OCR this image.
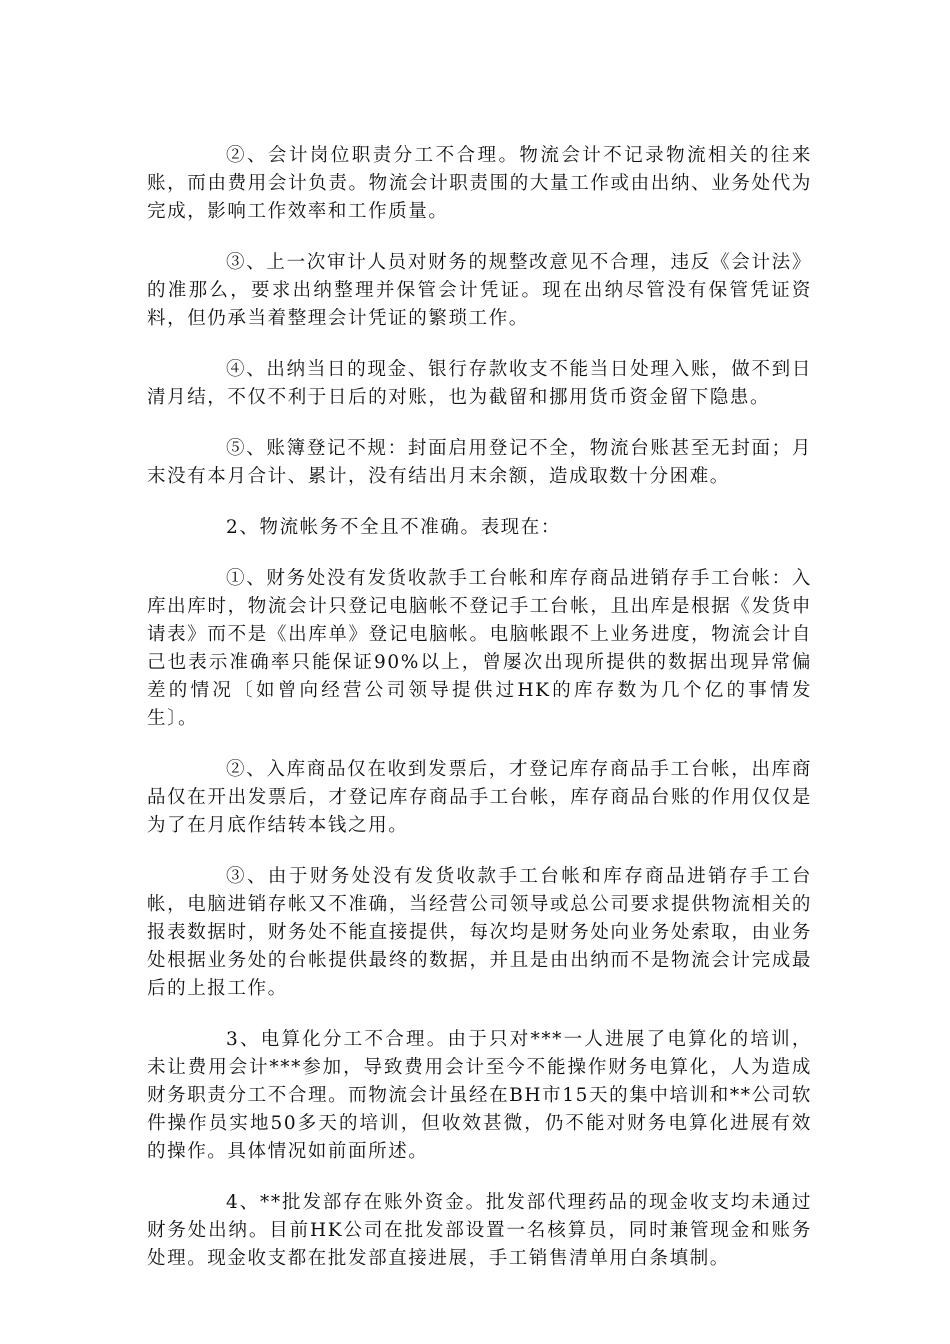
②、会计岗位职责分工不合理。物流会计不记录物流相关的往来账，而由费用会计负责。物流会计职责围的大量工作或由出纳、业务处代为完成，影响工作效率和工作质量。

③、上一次审计人员对财务的规整改意见不合理，违反《会计法》的准那么，要求出纳整理并保管会计凭证。现在出纳尽管没有保管凭证资料，但仍承当着整理会计凭证的繁琐工作。

④、出纳当日的现金、银行存款收支不能当日处理入账，做不到日清月结，不仅不利于日后的对账，也为截留和挪用货币资金留下隐患。

⑤、账簿登记不规：封面启用登记不全，物流台账甚至无封面；月末没有本月合计、累计，没有结出月末余额，造成取数十分困难。

2、物流帐务不全且不准确。表现在：

①、财务处没有发货收款手工台帐和库存商品进销存手工台帐：入库出库时，物流会计只登记电脑帐不登记手工台帐，且出库是根据《发货申请表》而不是《出库单》登记电脑帐。电脑帐跟不上业务进度，物流会计自己也表示准确率只能保证90%以上，曾屡次出现所提供的数据出现异常偏差的情况〔如曾向经营公司领导提供过HK的库存数为几个亿的事情发生〕。

②、入库商品仅在收到发票后，才登记库存商品手工台帐，出库商品仅在开出发票后，才登记库存商品手工台帐，库存商品台账的作用仅仅是为了在月底作结转本钱之用。

③、由于财务处没有发货收款手工台帐和库存商品进销存手工台帐，电脑进销存帐又不准确，当经营公司领导或总公司要求提供物流相关的报表数据时，财务处不能直接提供，每次均是财务处向业务处索取，由业务处根据业务处的台帐提供最终的数据，并且是由出纳而不是物流会计完成最后的上报工作。

3、电算化分工不合理。由于只对***一人进展了电算化的培训，未让费用会计***参加，导致费用会计至今不能操作财务电算化，人为造成财务职责分工不合理。而物流会计虽经在BH市15天的集中培训和**公司软件操作员实地50多天的培训，但收效甚微，仍不能对财务电算化进展有效的操作。具体情况如前面所述。

4、**批发部存在账外资金。批发部代理药品的现金收支均未通过财务处出纳。目前HK公司在批发部设置一名核算员，同时兼管现金和账务处理。现金收支都在批发部直接进展，手工销售清单用白条填制。
